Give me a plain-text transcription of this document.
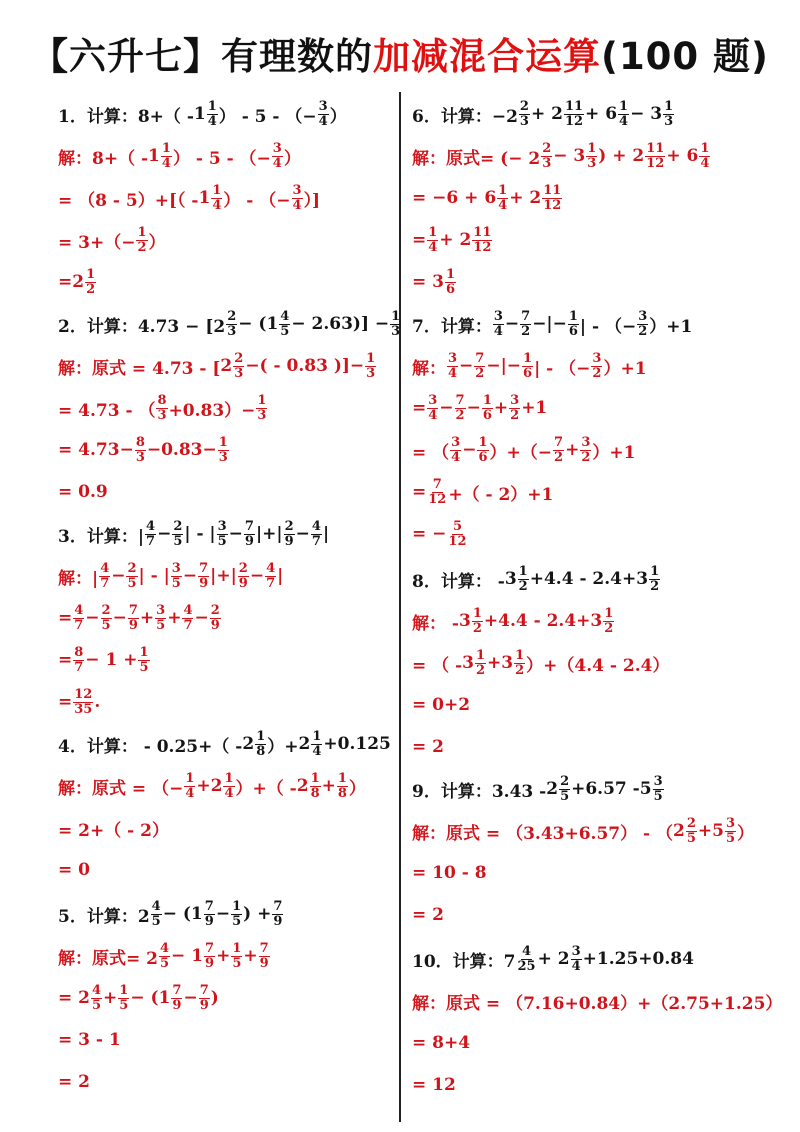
【六升七】有理数的加减混合运算(100 题)
1．计算：$8+( - 1 \frac{1}{4}$ ） - 5 - （− $\frac{3}{4}$ ）
解：$8+( - 1 \frac{1}{4}$ ） - 5 - （− $\frac{3}{4}$ ）
= $(8 - 5)+[( - 1 \frac{1}{4}$ ） - （− $\frac{3}{4}$ ）]
= $3+(- \frac{1}{2}$ ）
= $2 \frac{1}{2}$
2．计算：$4.73 - [2 \frac{2}{3} - (1 \frac{4}{5} - 2.63)] - \frac{1}{3}$
解：原式 = 4.73 - [ $2 \frac{2}{3}$ −( - 0.83 )]− $\frac{1}{3}$
= 4.73 - （ $\frac{8}{3} +0.83)- \frac{1}{3}$
= $4.73- \frac{8}{3} -0.83- \frac{1}{3}$
= 0.9
3．计算：| $\frac{4}{7} - \frac{2}{5}$ | - | $\frac{3}{5} - \frac{7}{9}$ |+| $\frac{2}{9} - \frac{4}{7}$ |
解：| $\frac{4}{7} - \frac{2}{5}$ | - | $\frac{3}{5} - \frac{7}{9}$ |+| $\frac{2}{9} - \frac{4}{7}$ |
= $\frac{4}{7} - \frac{2}{5} - \frac{7}{9} + \frac{3}{5} + \frac{4}{7} - \frac{2}{9}$
= $\frac{8}{7} - 1 + \frac{1}{5}$
= $\frac{12}{35}$ .
4．计算： - $0.25+( - 2 \frac{1}{8}$ ）+ $2 \frac{1}{4} +0.125$
解：原式 = （− $\frac{1}{4} + 2 \frac{1}{4}$ ）+（ - $2 \frac{1}{8} + \frac{1}{8}$ ）
= 2+（ - 2）
= 0
5．计算：$2 \frac{4}{5} - (1 \frac{7}{9} - \frac{1}{5}$ ) + $\frac{7}{9}$
解：原式= $2 \frac{4}{5} - 1 \frac{7}{9} + \frac{1}{5} + \frac{7}{9}$
= $2 \frac{4}{5} + \frac{1}{5} - (1 \frac{7}{9} - \frac{7}{9}$ )
= 3 - 1
= 2
6．计算：$-2 \frac{2}{3} + 2 \frac{11}{12} + 6 \frac{1}{4} - 3 \frac{1}{3}$
解：原式= (− $2 \frac{2}{3} - 3 \frac{1}{3}$ ) + $2 \frac{11}{12} + 6 \frac{1}{4}$
= $-6 + 6 \frac{1}{4} + 2 \frac{11}{12}$
= $\frac{1}{4} + 2 \frac{11}{12}$
= $3 \frac{1}{6}$
7．计算： $\frac{3}{4} - \frac{7}{2}$ −|− $\frac{1}{6}$ | - （− $\frac{3}{2} )+1$
解： $\frac{3}{4} - \frac{7}{2}$ −|− $\frac{1}{6}$ | - （− $\frac{3}{2} )+1$
= $\frac{3}{4} - \frac{7}{2} - \frac{1}{6} + \frac{3}{2} +1$
= （ $\frac{3}{4} - \frac{1}{6}$ ）+（− $\frac{7}{2} + \frac{3}{2} )+1$
= $\frac{7}{12}$ +（ - 2）+1
= − $\frac{5}{12}$
8．计算： - $3 \frac{1}{2} +4.4 - 2.4+ 3 \frac{1}{2}$
解： - $3 \frac{1}{2} +4.4 - 2.4+ 3 \frac{1}{2}$
= （ - $3 \frac{1}{2} + 3 \frac{1}{2} )+(4.4 - 2.4)$
= 0+2
= 2
9．计算：$3.43 - 2 \frac{2}{5} +6.57 - 5 \frac{3}{5}$
解：原式 = （3.43+6.57） - （ $2 \frac{2}{5} + 5 \frac{3}{5}$ ）
= 10 - 8
= 2
10．计算：$7 \frac{4}{25} + 2 \frac{3}{4} +1.25+0.84$
解：原式 = （7.16+0.84）+（2.75+1.25）
= 8+4
= 12
